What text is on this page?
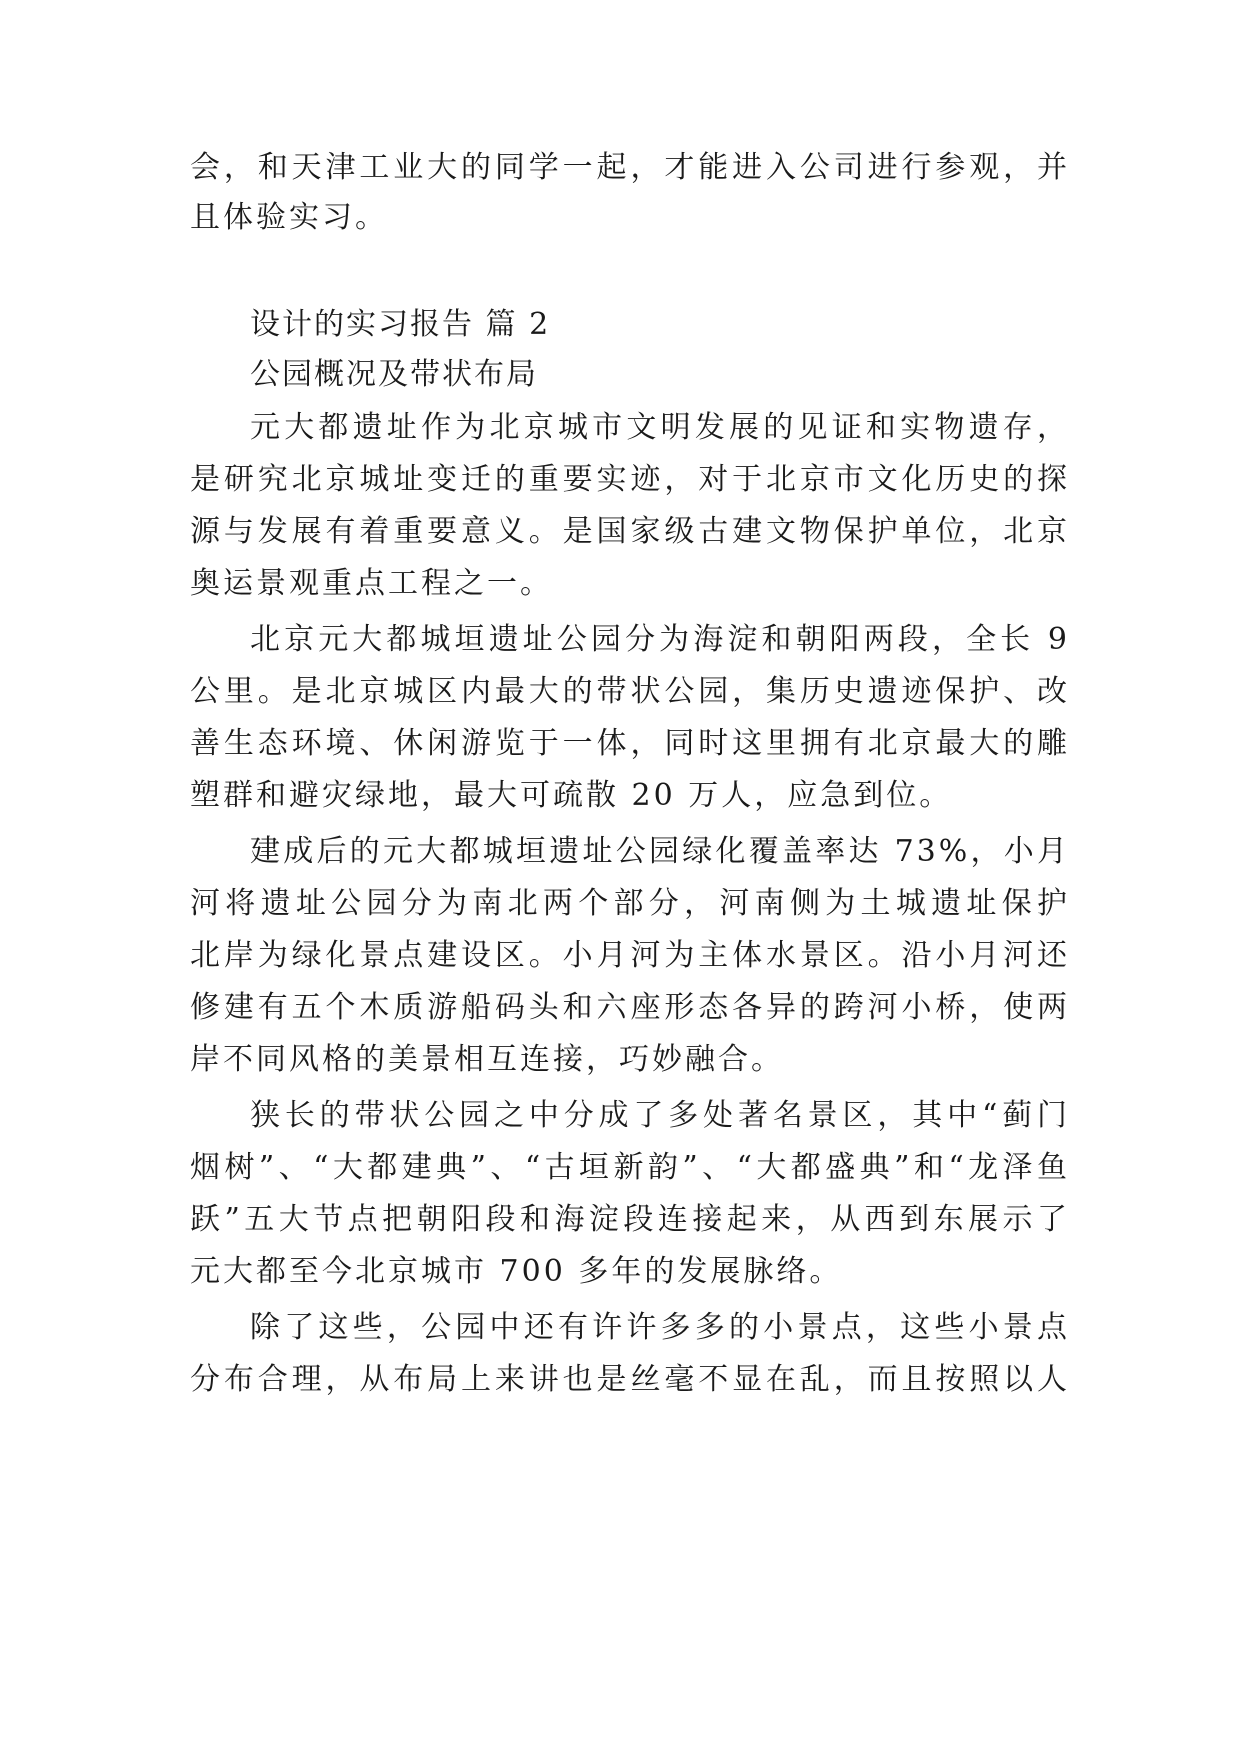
会，和天津工业大的同学一起，才能进入公司进行参观，并
且体验实习。
设计的实习报告 篇 2
公园概况及带状布局
元大都遗址作为北京城市文明发展的见证和实物遗存，
是研究北京城址变迁的重要实迹，对于北京市文化历史的探
源与发展有着重要意义。是国家级古建文物保护单位，北京
奥运景观重点工程之一。
北京元大都城垣遗址公园分为海淀和朝阳两段，全长 9
公里。是北京城区内最大的带状公园，集历史遗迹保护、改
善生态环境、休闲游览于一体，同时这里拥有北京最大的雕
塑群和避灾绿地，最大可疏散 20 万人，应急到位。
建成后的元大都城垣遗址公园绿化覆盖率达 73%，小月
河将遗址公园分为南北两个部分，河南侧为土城遗址保护
北岸为绿化景点建设区。小月河为主体水景区。沿小月河还
修建有五个木质游船码头和六座形态各异的跨河小桥，使两
岸不同风格的美景相互连接，巧妙融合。
狭长的带状公园之中分成了多处著名景区，其中“蓟门
烟树”、“大都建典”、“古垣新韵”、“大都盛典”和“龙泽鱼
跃”五大节点把朝阳段和海淀段连接起来，从西到东展示了
元大都至今北京城市 700 多年的发展脉络。
除了这些，公园中还有许许多多的小景点，这些小景点
分布合理，从布局上来讲也是丝毫不显在乱，而且按照以人
